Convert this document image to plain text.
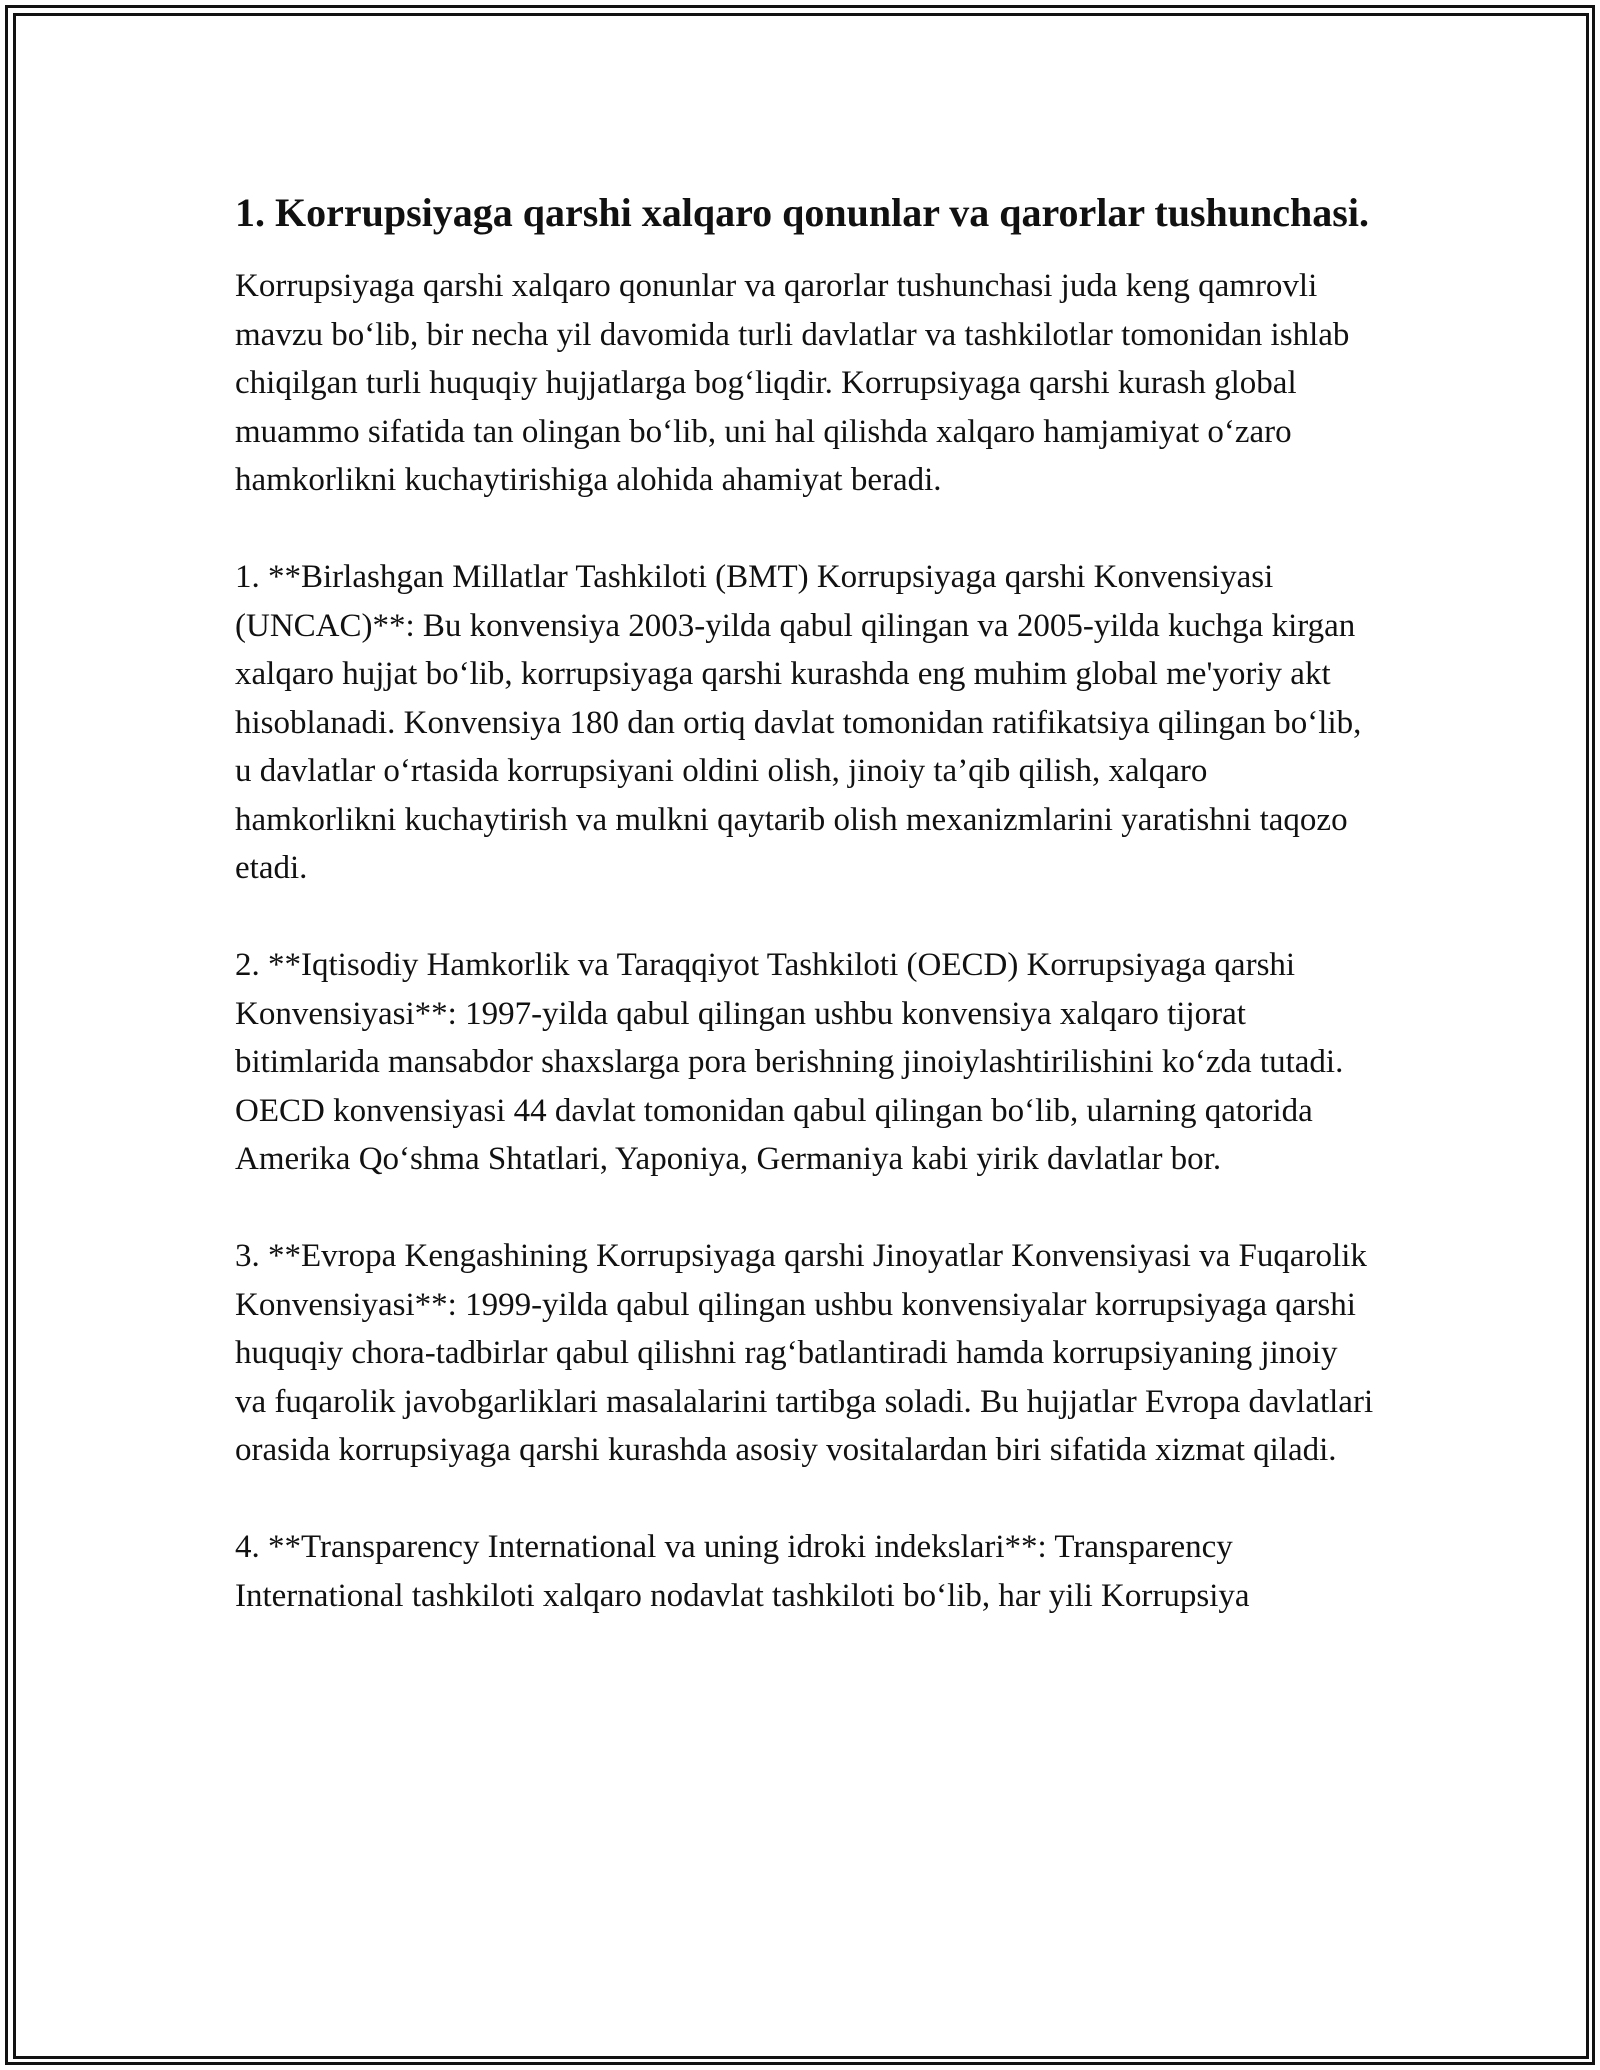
1. Korrupsiyaga qarshi xalqaro qonunlar va qarorlar tushunchasi.

Korrupsiyaga qarshi xalqaro qonunlar va qarorlar tushunchasi juda keng qamrovli mavzu bo‘lib, bir necha yil davomida turli davlatlar va tashkilotlar tomonidan ishlab chiqilgan turli huquqiy hujjatlarga bog‘liqdir. Korrupsiyaga qarshi kurash global muammo sifatida tan olingan bo‘lib, uni hal qilishda xalqaro hamjamiyat o‘zaro hamkorlikni kuchaytirishiga alohida ahamiyat beradi.

1. **Birlashgan Millatlar Tashkiloti (BMT) Korrupsiyaga qarshi Konvensiyasi (UNCAC)**: Bu konvensiya 2003-yilda qabul qilingan va 2005-yilda kuchga kirgan xalqaro hujjat bo‘lib, korrupsiyaga qarshi kurashda eng muhim global me'yoriy akt hisoblanadi. Konvensiya 180 dan ortiq davlat tomonidan ratifikatsiya qilingan bo‘lib, u davlatlar o‘rtasida korrupsiyani oldini olish, jinoiy ta’qib qilish, xalqaro hamkorlikni kuchaytirish va mulkni qaytarib olish mexanizmlarini yaratishni taqozo etadi.

2. **Iqtisodiy Hamkorlik va Taraqqiyot Tashkiloti (OECD) Korrupsiyaga qarshi Konvensiyasi**: 1997-yilda qabul qilingan ushbu konvensiya xalqaro tijorat bitimlarida mansabdor shaxslarga pora berishning jinoiylashtirilishini ko‘zda tutadi. OECD konvensiyasi 44 davlat tomonidan qabul qilingan bo‘lib, ularning qatorida Amerika Qo‘shma Shtatlari, Yaponiya, Germaniya kabi yirik davlatlar bor.

3. **Evropa Kengashining Korrupsiyaga qarshi Jinoyatlar Konvensiyasi va Fuqarolik Konvensiyasi**: 1999-yilda qabul qilingan ushbu konvensiyalar korrupsiyaga qarshi huquqiy chora-tadbirlar qabul qilishni rag‘batlantiradi hamda korrupsiyaning jinoiy va fuqarolik javobgarliklari masalalarini tartibga soladi. Bu hujjatlar Evropa davlatlari orasida korrupsiyaga qarshi kurashda asosiy vositalardan biri sifatida xizmat qiladi.

4. **Transparency International va uning idroki indekslari**: Transparency International tashkiloti xalqaro nodavlat tashkiloti bo‘lib, har yili Korrupsiya
